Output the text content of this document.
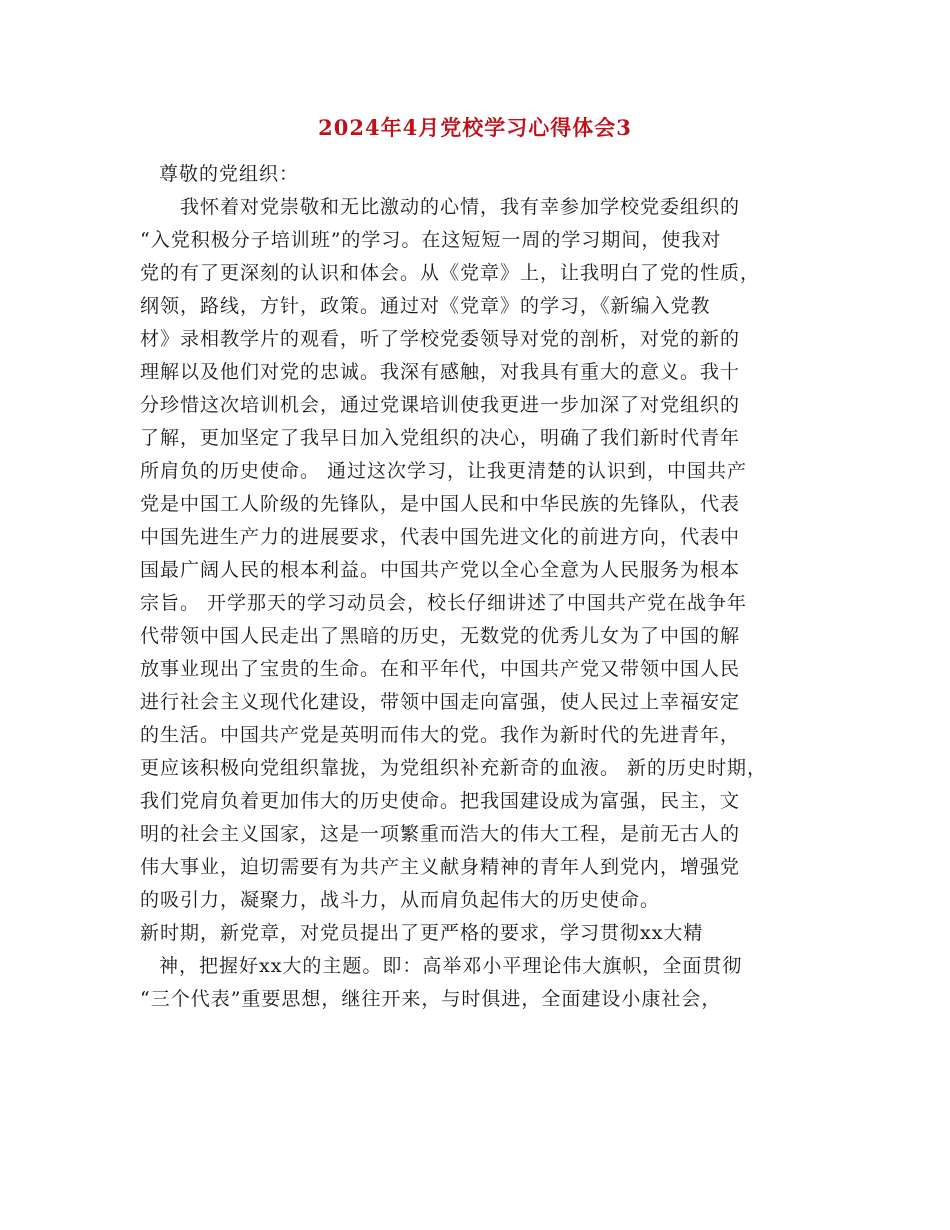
2024年4月党校学习心得体会3
尊敬的党组织：
我怀着对党崇敬和无比激动的心情，我有幸参加学校党委组织的
“入党积极分子培训班”的学习。在这短短一周的学习期间，使我对
党的有了更深刻的认识和体会。从《党章》上，让我明白了党的性质，
纲领，路线，方针，政策。通过对《党章》的学习，《新编入党教
材》录相教学片的观看，听了学校党委领导对党的剖析，对党的新的
理解以及他们对党的忠诚。我深有感触，对我具有重大的意义。我十
分珍惜这次培训机会，通过党课培训使我更进一步加深了对党组织的
了解，更加坚定了我早日加入党组织的决心，明确了我们新时代青年
所肩负的历史使命。 通过这次学习，让我更清楚的认识到，中国共产
党是中国工人阶级的先锋队，是中国人民和中华民族的先锋队，代表
中国先进生产力的进展要求，代表中国先进文化的前进方向，代表中
国最广阔人民的根本利益。中国共产党以全心全意为人民服务为根本
宗旨。 开学那天的学习动员会，校长仔细讲述了中国共产党在战争年
代带领中国人民走出了黑暗的历史，无数党的优秀儿女为了中国的解
放事业现出了宝贵的生命。在和平年代，中国共产党又带领中国人民
进行社会主义现代化建设，带领中国走向富强，使人民过上幸福安定
的生活。中国共产党是英明而伟大的党。我作为新时代的先进青年，
更应该积极向党组织靠拢，为党组织补充新奇的血液。 新的历史时期，
我们党肩负着更加伟大的历史使命。把我国建设成为富强，民主，文
明的社会主义国家，这是一项繁重而浩大的伟大工程，是前无古人的
伟大事业，迫切需要有为共产主义献身精神的青年人到党内，增强党
的吸引力，凝聚力，战斗力，从而肩负起伟大的历史使命。
新时期，新党章，对党员提出了更严格的要求，学习贯彻xx大精
神，把握好xx大的主题。即：高举邓小平理论伟大旗帜，全面贯彻
“三个代表”重要思想，继往开来，与时俱进，全面建设小康社会，
